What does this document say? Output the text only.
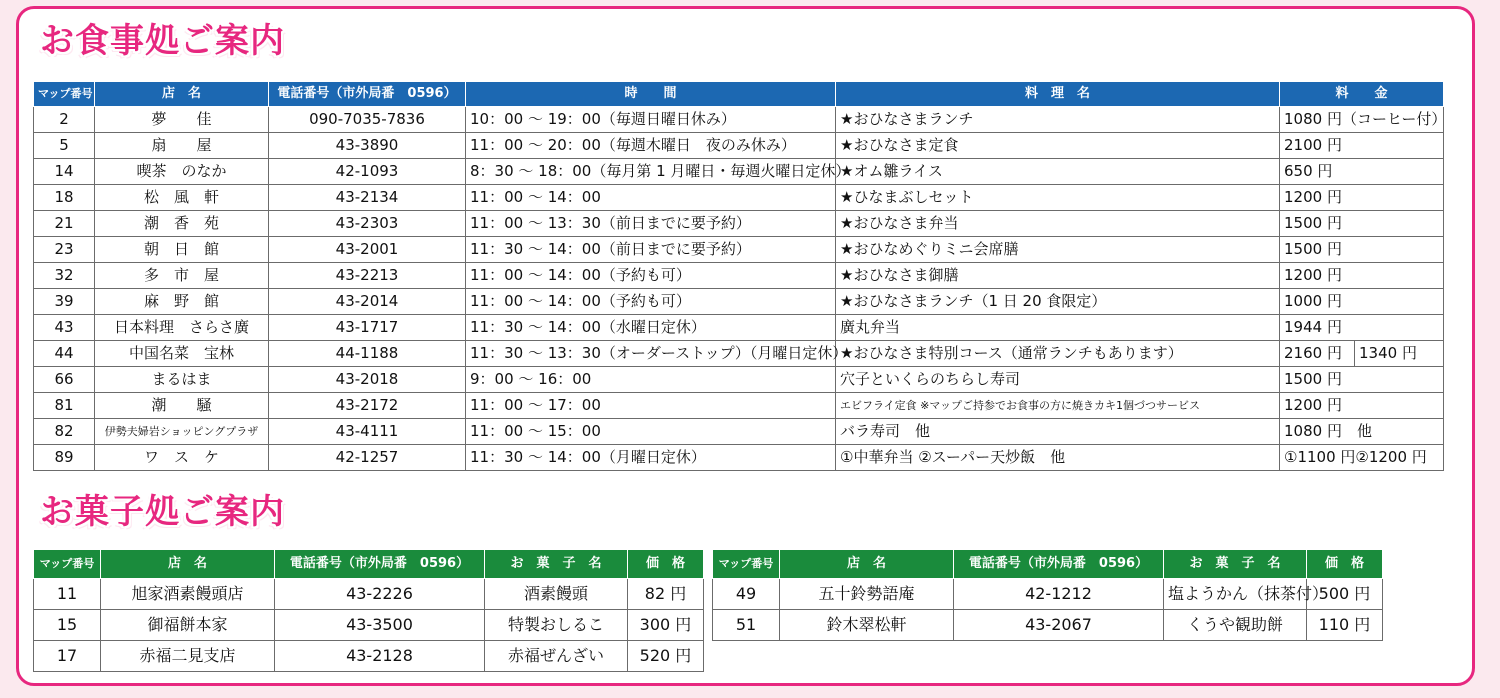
お食事処ご案内
マップ番号	店　名	電話番号（市外局番　0596）	時　　間	料　理　名	料　　金	
2	夢　　佳	090-7035-7836	10：00 〜 19：00（毎週日曜日休み）	★おひなさまランチ	1080 円（コーヒー付）	
5	扇　　屋	43-3890	11：00 〜 20：00（毎週木曜日　夜のみ休み）	★おひなさま定食	2100 円	
14	喫茶　のなか	42-1093	8：30 〜 18：00（毎月第 1 月曜日・毎週火曜日定休）	★オム雛ライス	650 円	
18	松　風　軒	43-2134	11：00 〜 14：00	★ひなまぶしセット	1200 円	
21	潮　香　苑	43-2303	11：00 〜 13：30（前日までに要予約）	★おひなさま弁当	1500 円	
23	朝　日　館	43-2001	11：30 〜 14：00（前日までに要予約）	★おひなめぐりミニ会席膳	1500 円	
32	多　市　屋	43-2213	11：00 〜 14：00（予約も可）	★おひなさま御膳	1200 円	
39	麻　野　館	43-2014	11：00 〜 14：00（予約も可）	★おひなさまランチ（1 日 20 食限定）	1000 円	
43	日本料理　さらさ廣	43-1717	11：30 〜 14：00（水曜日定休）	廣丸弁当	1944 円	
44	中国名菜　宝林	44-1188	11：30 〜 13：30（オーダーストップ）（月曜日定休）	★おひなさま特別コース（通常ランチもあります）	2160 円	1340 円
66	まるはま	43-2018	9：00 〜 16：00	穴子といくらのちらし寿司	1500 円	
81	潮　　騒	43-2172	11：00 〜 17：00	エビフライ定食 ※マップご持参でお食事の方に焼きカキ1個づつサービス	1200 円	
82	伊勢夫婦岩ショッピングプラザ	43-4111	11：00 〜 15：00	バラ寿司　他	1080 円　他	
89	ワ　ス　ケ	42-1257	11：30 〜 14：00（月曜日定休）	①中華弁当 ②スーパー天炒飯　他	①1100 円②1200 円	
お菓子処ご案内
マップ番号	店　名	電話番号（市外局番　0596）	お　菓　子　名	価　格
11	旭家酒素饅頭店	43-2226	酒素饅頭	82 円
15	御福餅本家	43-3500	特製おしるこ	300 円
17	赤福二見支店	43-2128	赤福ぜんざい	520 円
マップ番号	店　名	電話番号（市外局番　0596）	お　菓　子　名	価　格
49	五十鈴勢語庵	42-1212	塩ようかん（抹茶付）	500 円
51	鈴木翠松軒	43-2067	くうや観助餅	110 円
